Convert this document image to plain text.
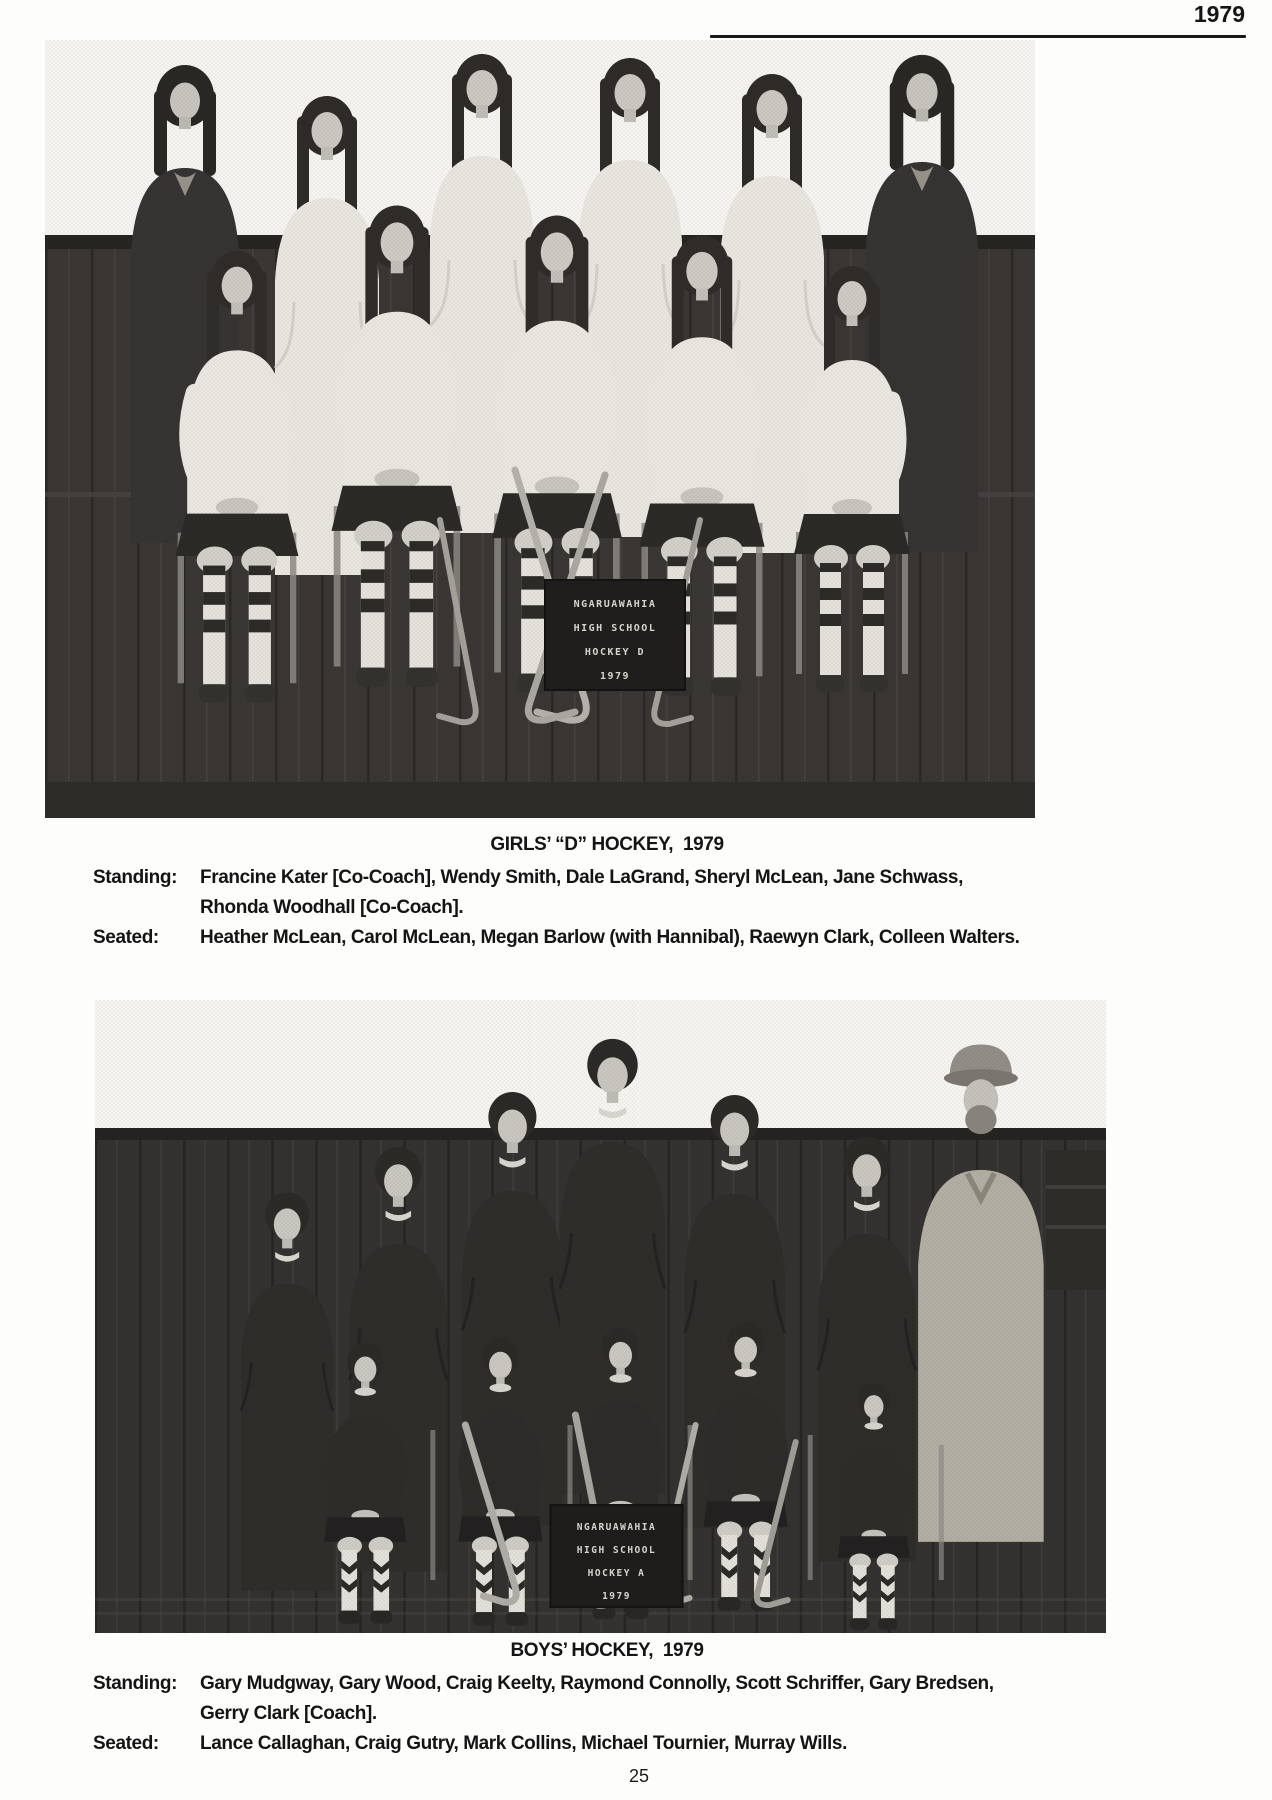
1979
NGARUAWAHIA
HIGH SCHOOL
HOCKEY D
1979
GIRLS’ “D” HOCKEY,  1979
Standing:	Francine Kater [Co-Coach], Wendy Smith, Dale LaGrand, Sheryl McLean, Jane Schwass,
Rhonda Woodhall [Co-Coach].
Seated:	Heather McLean, Carol McLean, Megan Barlow (with Hannibal), Raewyn Clark, Colleen Walters.
NGARUAWAHIA
HIGH SCHOOL
HOCKEY A
1979
BOYS’ HOCKEY,  1979
Standing:	Gary Mudgway, Gary Wood, Craig Keelty, Raymond Connolly, Scott Schriffer, Gary Bredsen,
Gerry Clark [Coach].
Seated:	Lance Callaghan, Craig Gutry, Mark Collins, Michael Tournier, Murray Wills.
25
